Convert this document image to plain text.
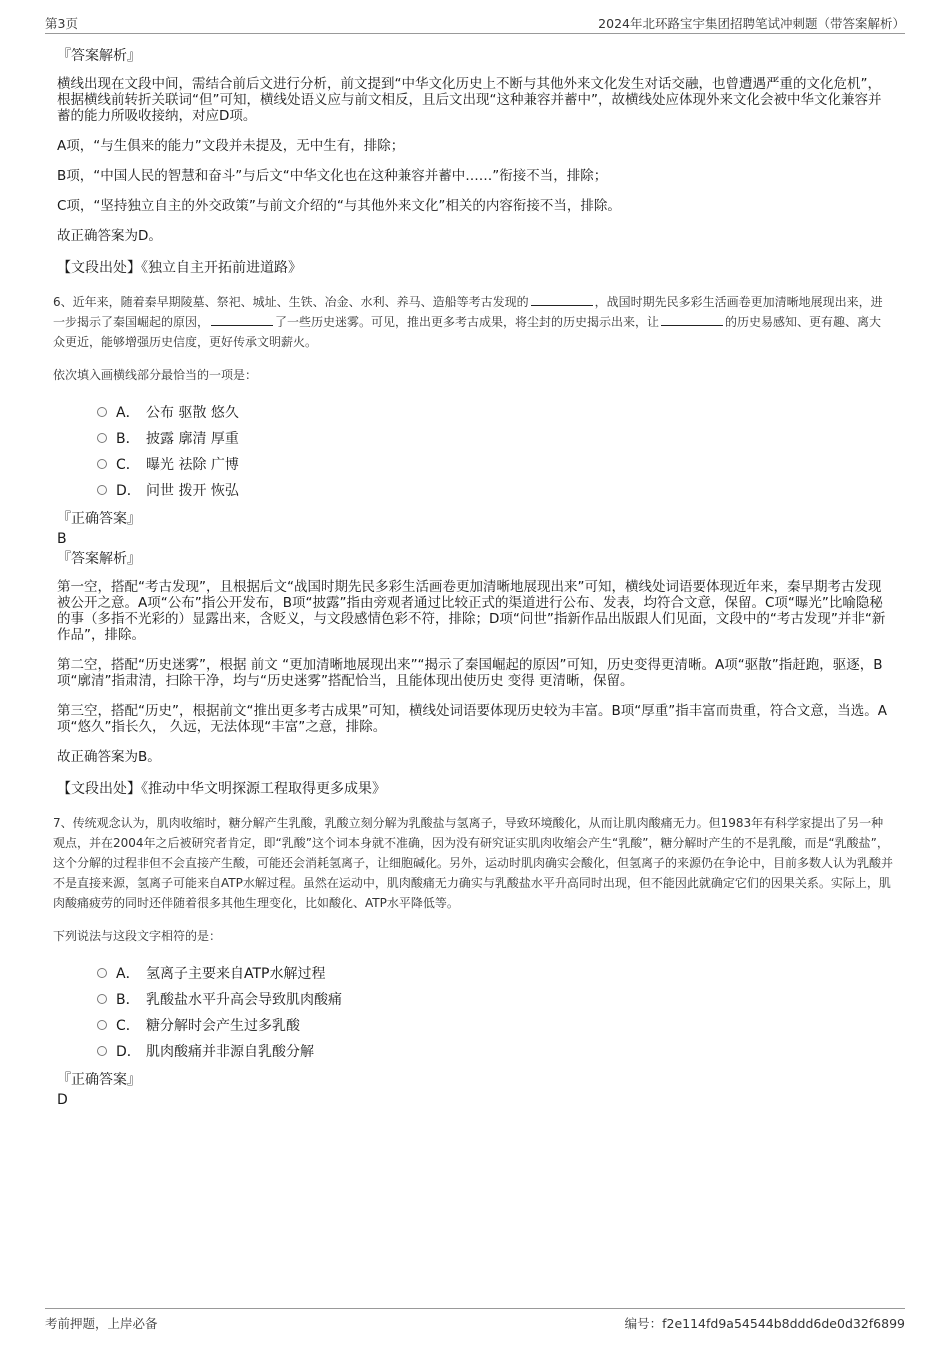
第3页	2024年北环路宝宇集团招聘笔试冲刺题（带答案解析）

『答案解析』

横线出现在文段中间，需结合前后文进行分析，前文提到“中华文化历史上不断与其他外来文化发生对话交融，也曾遭遇严重的文化危机”，根据横线前转折关联词“但”可知，横线处语义应与前文相反，且后文出现“这种兼容并蓄中”，故横线处应体现外来文化会被中华文化兼容并蓄的能力所吸收接纳，对应D项。

A项，“与生俱来的能力”文段并未提及，无中生有，排除；

B项，“中国人民的智慧和奋斗”与后文“中华文化也在这种兼容并蓄中……”衔接不当，排除；

C项，“坚持独立自主的外交政策”与前文介绍的“与其他外来文化”相关的内容衔接不当，排除。

故正确答案为D。

【文段出处】《独立自主开拓前进道路》

6、近年来，随着秦早期陵墓、祭祀、城址、生铁、冶金、水利、养马、造船等考古发现的	，战国时期先民多彩生活画卷更加清晰地展现出来，进一步揭示了秦国崛起的原因，	了一些历史迷雾。可见，推出更多考古成果，将尘封的历史揭示出来，让	的历史易感知、更有趣、离大众更近，能够增强历史信度，更好传承文明薪火。

依次填入画横线部分最恰当的一项是：

A． 公布 驱散 悠久
B． 披露 廓清 厚重
C． 曝光 祛除 广博
D． 问世 拨开 恢弘

『正确答案』

B

『答案解析』

第一空，搭配“考古发现”，且根据后文“战国时期先民多彩生活画卷更加清晰地展现出来”可知，横线处词语要体现近年来，秦早期考古发现被公开之意。A项“公布”指公开发布，B项“披露”指由旁观者通过比较正式的渠道进行公布、发表，均符合文意，保留。C项“曝光”比喻隐秘的事（多指不光彩的）显露出来，含贬义，与文段感情色彩不符，排除；D项“问世”指新作品出版跟人们见面，文段中的“考古发现”并非“新作品”，排除。

第二空，搭配“历史迷雾”，根据 前文 “更加清晰地展现出来”“揭示了秦国崛起的原因”可知，历史变得更清晰。A项“驱散”指赶跑，驱逐，B项“廓清”指肃清，扫除干净，均与“历史迷雾”搭配恰当，且能体现出使历史 变得 更清晰，保留。

第三空，搭配“历史”，根据前文“推出更多考古成果”可知，横线处词语要体现历史较为丰富。B项“厚重”指丰富而贵重，符合文意，当选。A项“悠久”指长久， 久远，无法体现“丰富”之意，排除。

故正确答案为B。

【文段出处】《推动中华文明探源工程取得更多成果》

7、传统观念认为，肌肉收缩时，糖分解产生乳酸，乳酸立刻分解为乳酸盐与氢离子，导致环境酸化，从而让肌肉酸痛无力。但1983年有科学家提出了另一种观点，并在2004年之后被研究者肯定，即“乳酸”这个词本身就不准确，因为没有研究证实肌肉收缩会产生“乳酸”，糖分解时产生的不是乳酸，而是“乳酸盐”，这个分解的过程非但不会直接产生酸，可能还会消耗氢离子，让细胞碱化。另外，运动时肌肉确实会酸化，但氢离子的来源仍在争论中，目前多数人认为乳酸并不是直接来源，氢离子可能来自ATP水解过程。虽然在运动中，肌肉酸痛无力确实与乳酸盐水平升高同时出现，但不能因此就确定它们的因果关系。实际上，肌肉酸痛疲劳的同时还伴随着很多其他生理变化，比如酸化、ATP水平降低等。

下列说法与这段文字相符的是：

A． 氢离子主要来自ATP水解过程
B． 乳酸盐水平升高会导致肌肉酸痛
C． 糖分解时会产生过多乳酸
D． 肌肉酸痛并非源自乳酸分解

『正确答案』

D

考前押题，上岸必备	编号：f2e114fd9a54544b8ddd6de0d32f6899
